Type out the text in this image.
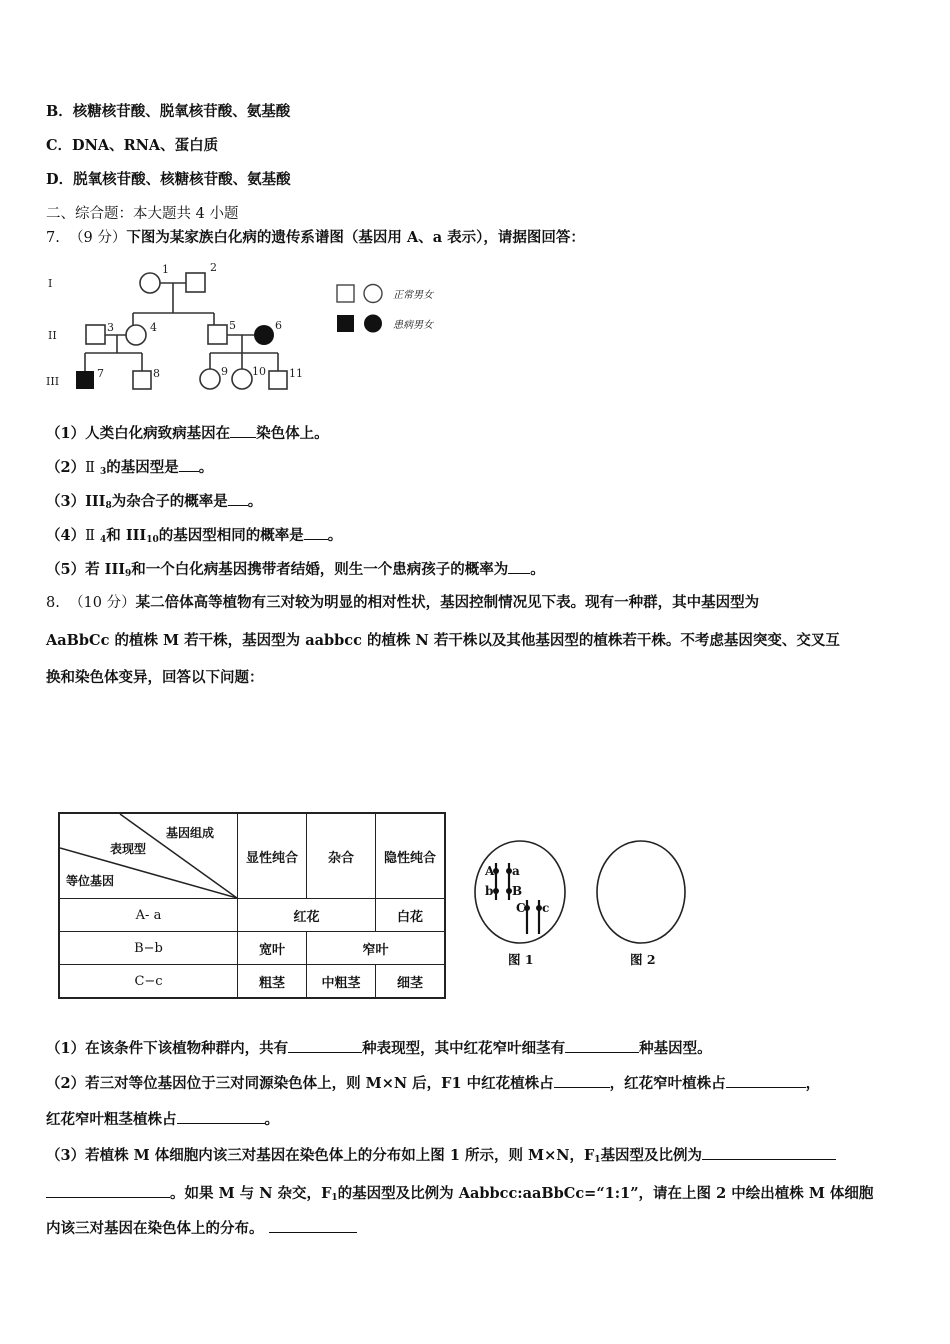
B．核糖核苷酸、脱氧核苷酸、氨基酸
C．DNA、RNA、蛋白质
D．脱氧核苷酸、核糖核苷酸、氨基酸
二、综合题：本大题共 4 小题
7. （9 分）下图为某家族白化病的遗传系谱图（基因用 A、a 表示），请据图回答：
I
II
III
1	2
3	4	5	6
7	8	9 10 11
正常男女
患病男女
（1）人类白化病致病基因在 染色体上。
（2）Ⅱ $_3$的基因型是 。
$(3)III_8$为杂合子的概率是 。
（4）Ⅱ $_4$和 $III_{10}$的基因型相同的概率是 。
（5）若 $III_9$和一个白化病基因携带者结婚，则生一个患病孩子的概率为 。
8. （10 分）某二倍体高等植物有三对较为明显的相对性状，基因控制情况见下表。现有一种群，其中基因型为
AaBbCc 的植株 M 若干株，基因型为 aabbcc 的植株 N 若干株以及其他基因型的植株若干株。不考虑基因突变、交叉互
换和染色体变异，回答以下问题：
基因组成
表现型
等位基因	显性纯合	杂合	隐性纯合
A- a	红花		白花
B−b	宽叶	窄叶	
C−c	粗茎	中粗茎	细茎
A a
b B
C c
图 1	图 2
（1）在该条件下该植物种群内，共有	种表现型，其中红花窄叶细茎有	种基因型。
（2）若三对等位基因位于三对同源染色体上，则 M×N 后，F1 中红花植株占	，红花窄叶植株占	，
红花窄叶粗茎植株占	。
（3）若植株 M 体细胞内该三对基因在染色体上的分布如上图 1 所示，则 M×N，$F_1$基因型及比例为
。如果 M 与 N 杂交，$F_1$的基因型及比例为 Aabbcc:aaBbCc=“1:1”，请在上图 2 中绘出植株 M 体细胞
内该三对基因在染色体上的分布。
